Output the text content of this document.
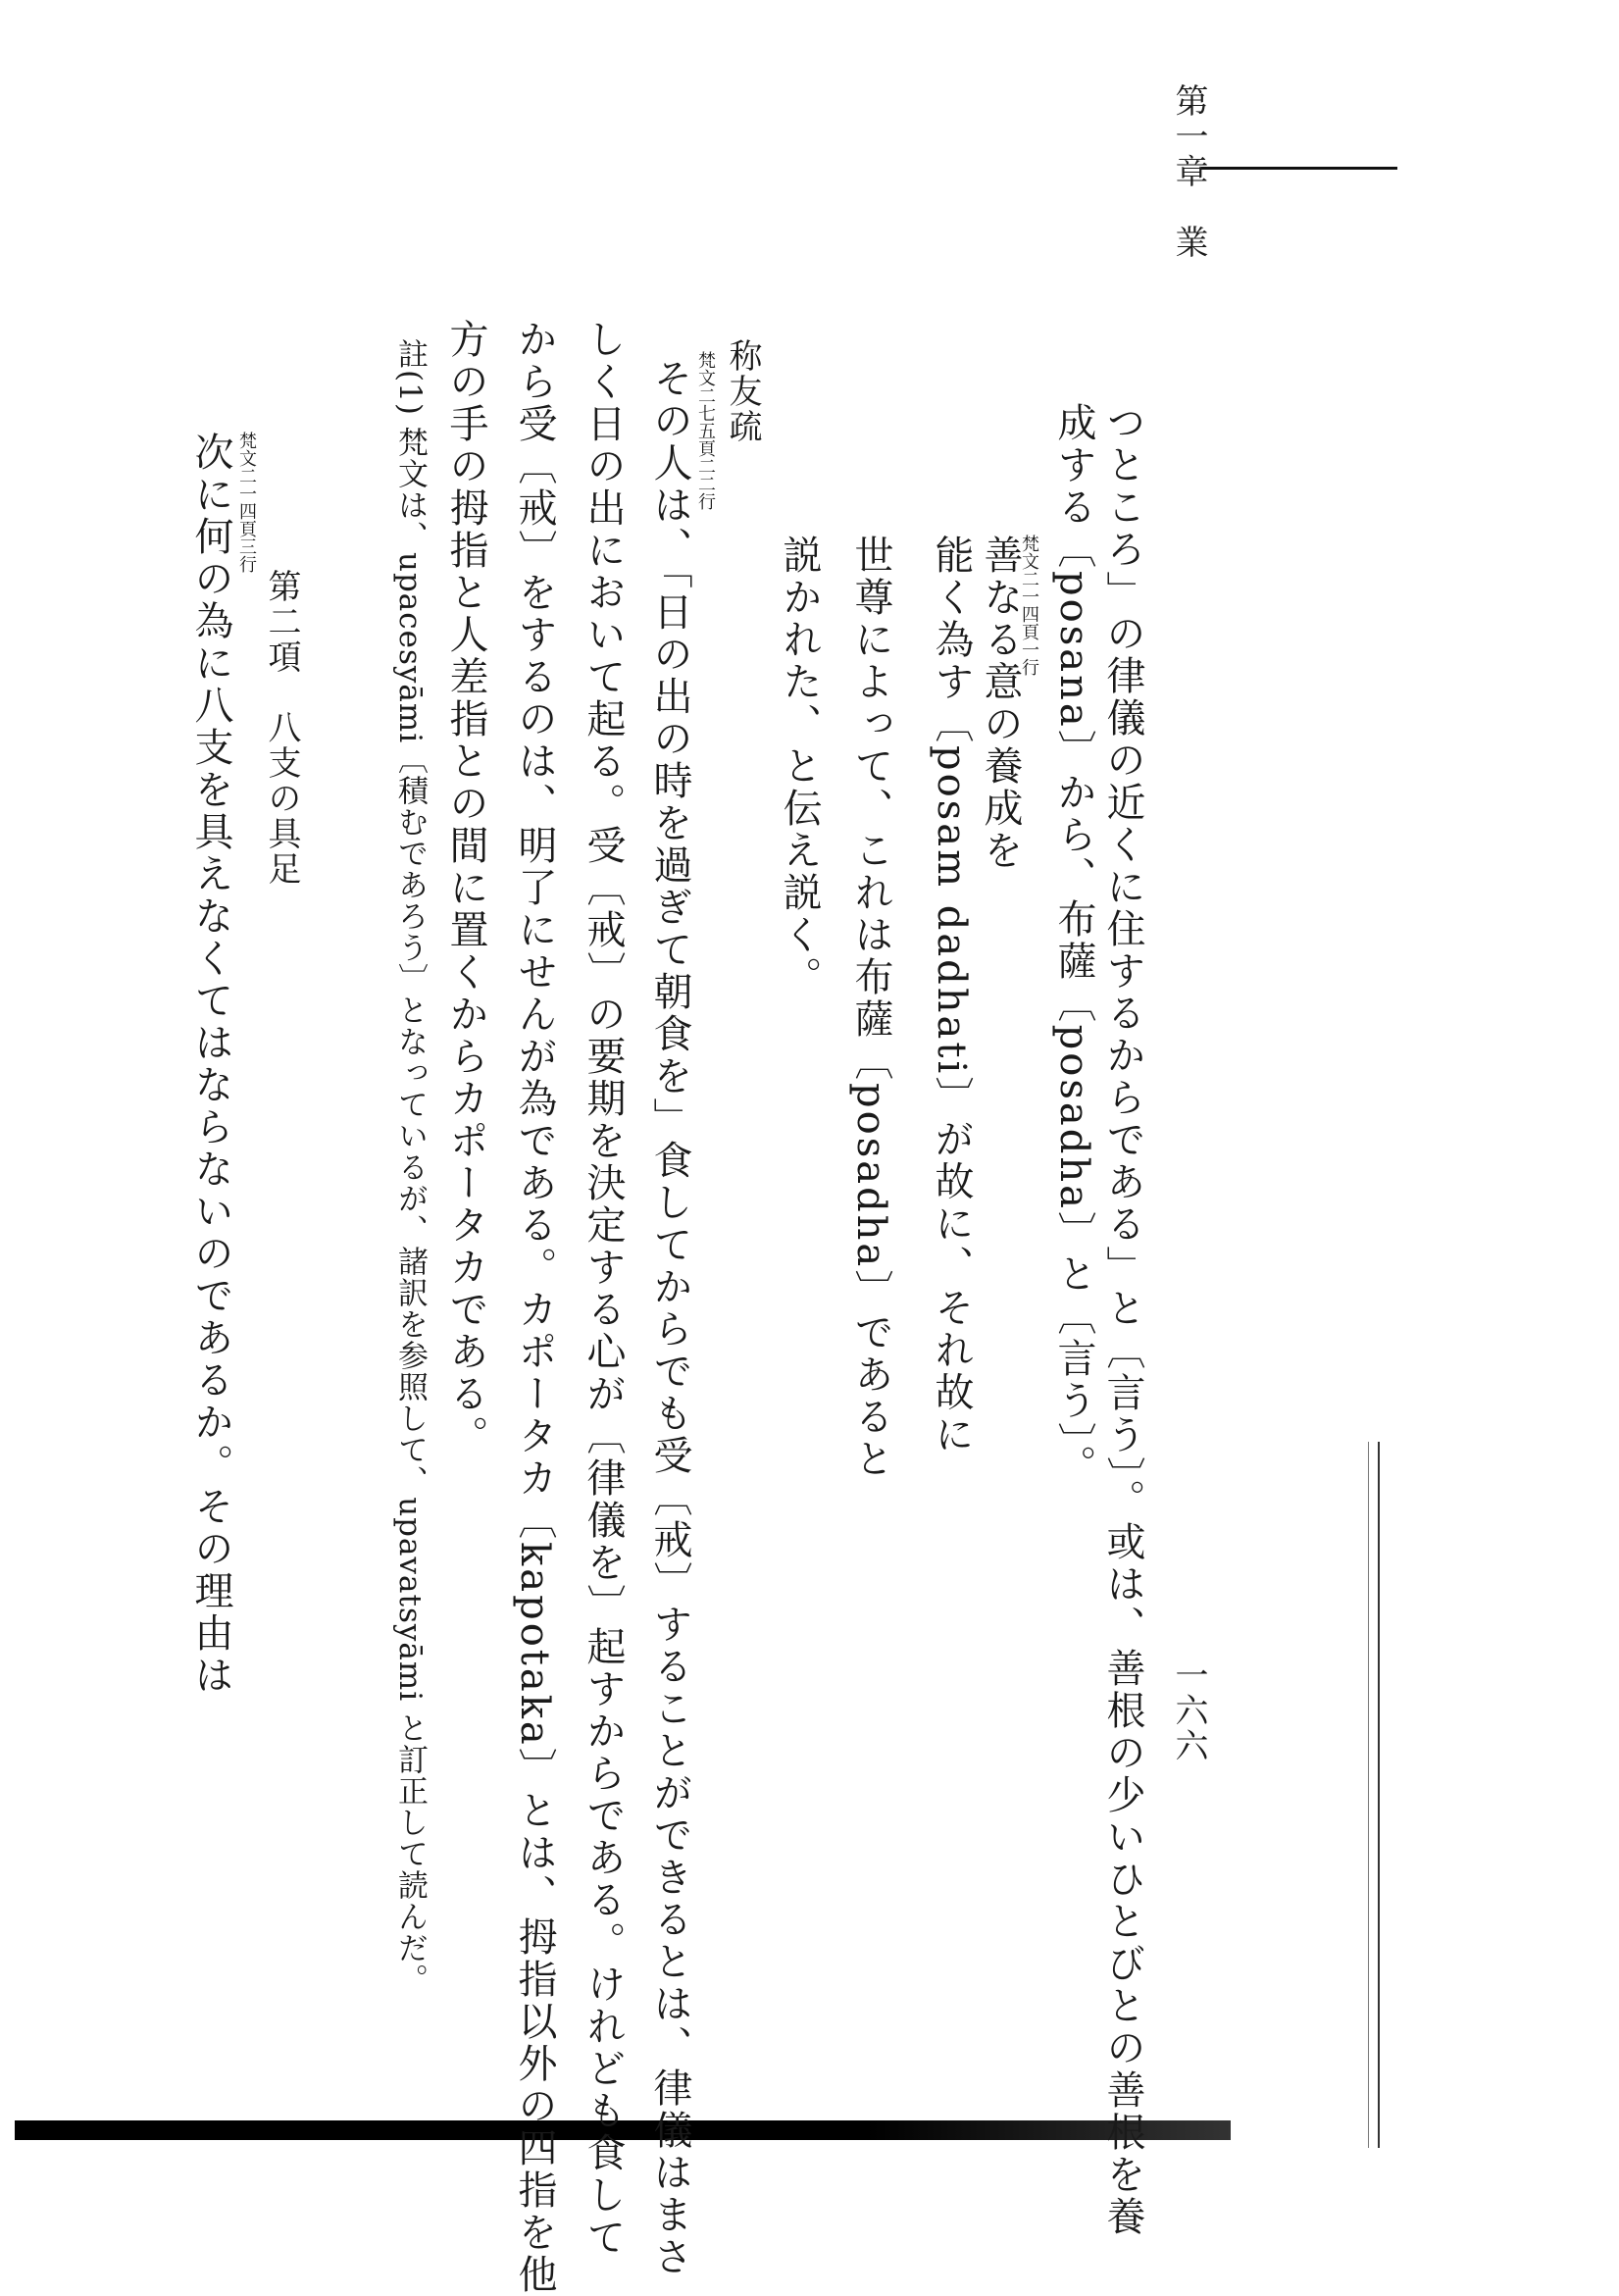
第一章　業
一六六
つところ」の律儀の近くに住するからである」と〔言う〕。或は、善根の少いひとびとの善根を養
成する〔posana〕から、布薩〔posadha〕と〔言う〕。
梵文二一四頁一行
善なる意の養成を
能く為す〔posam dadhati〕が故に、それ故に
世尊によって、これは布薩〔posadha〕であると
説かれた、と伝え説く。
称友疏
梵文二七五頁二二行
その人は、「日の出の時を過ぎて朝食を」食してからでも受〔戒〕することができるとは、律儀はまさ
しく日の出において起る。受〔戒〕の要期を決定する心が〔律儀を〕起すからである。けれども食して
から受〔戒〕をするのは、明了にせんが為である。カポータカ〔kapotaka〕とは、拇指以外の四指を他
方の手の拇指と人差指との間に置くからカポータカである。
註(1)
梵文は、upacesyāmi〔積むであろう〕となっているが、諸訳を参照して、upavatsyāmi と訂正して読んだ。
第二項　八支の具足
梵文二一四頁三行
次に何の為に八支を具えなくてはならないのであるか。その理由は
